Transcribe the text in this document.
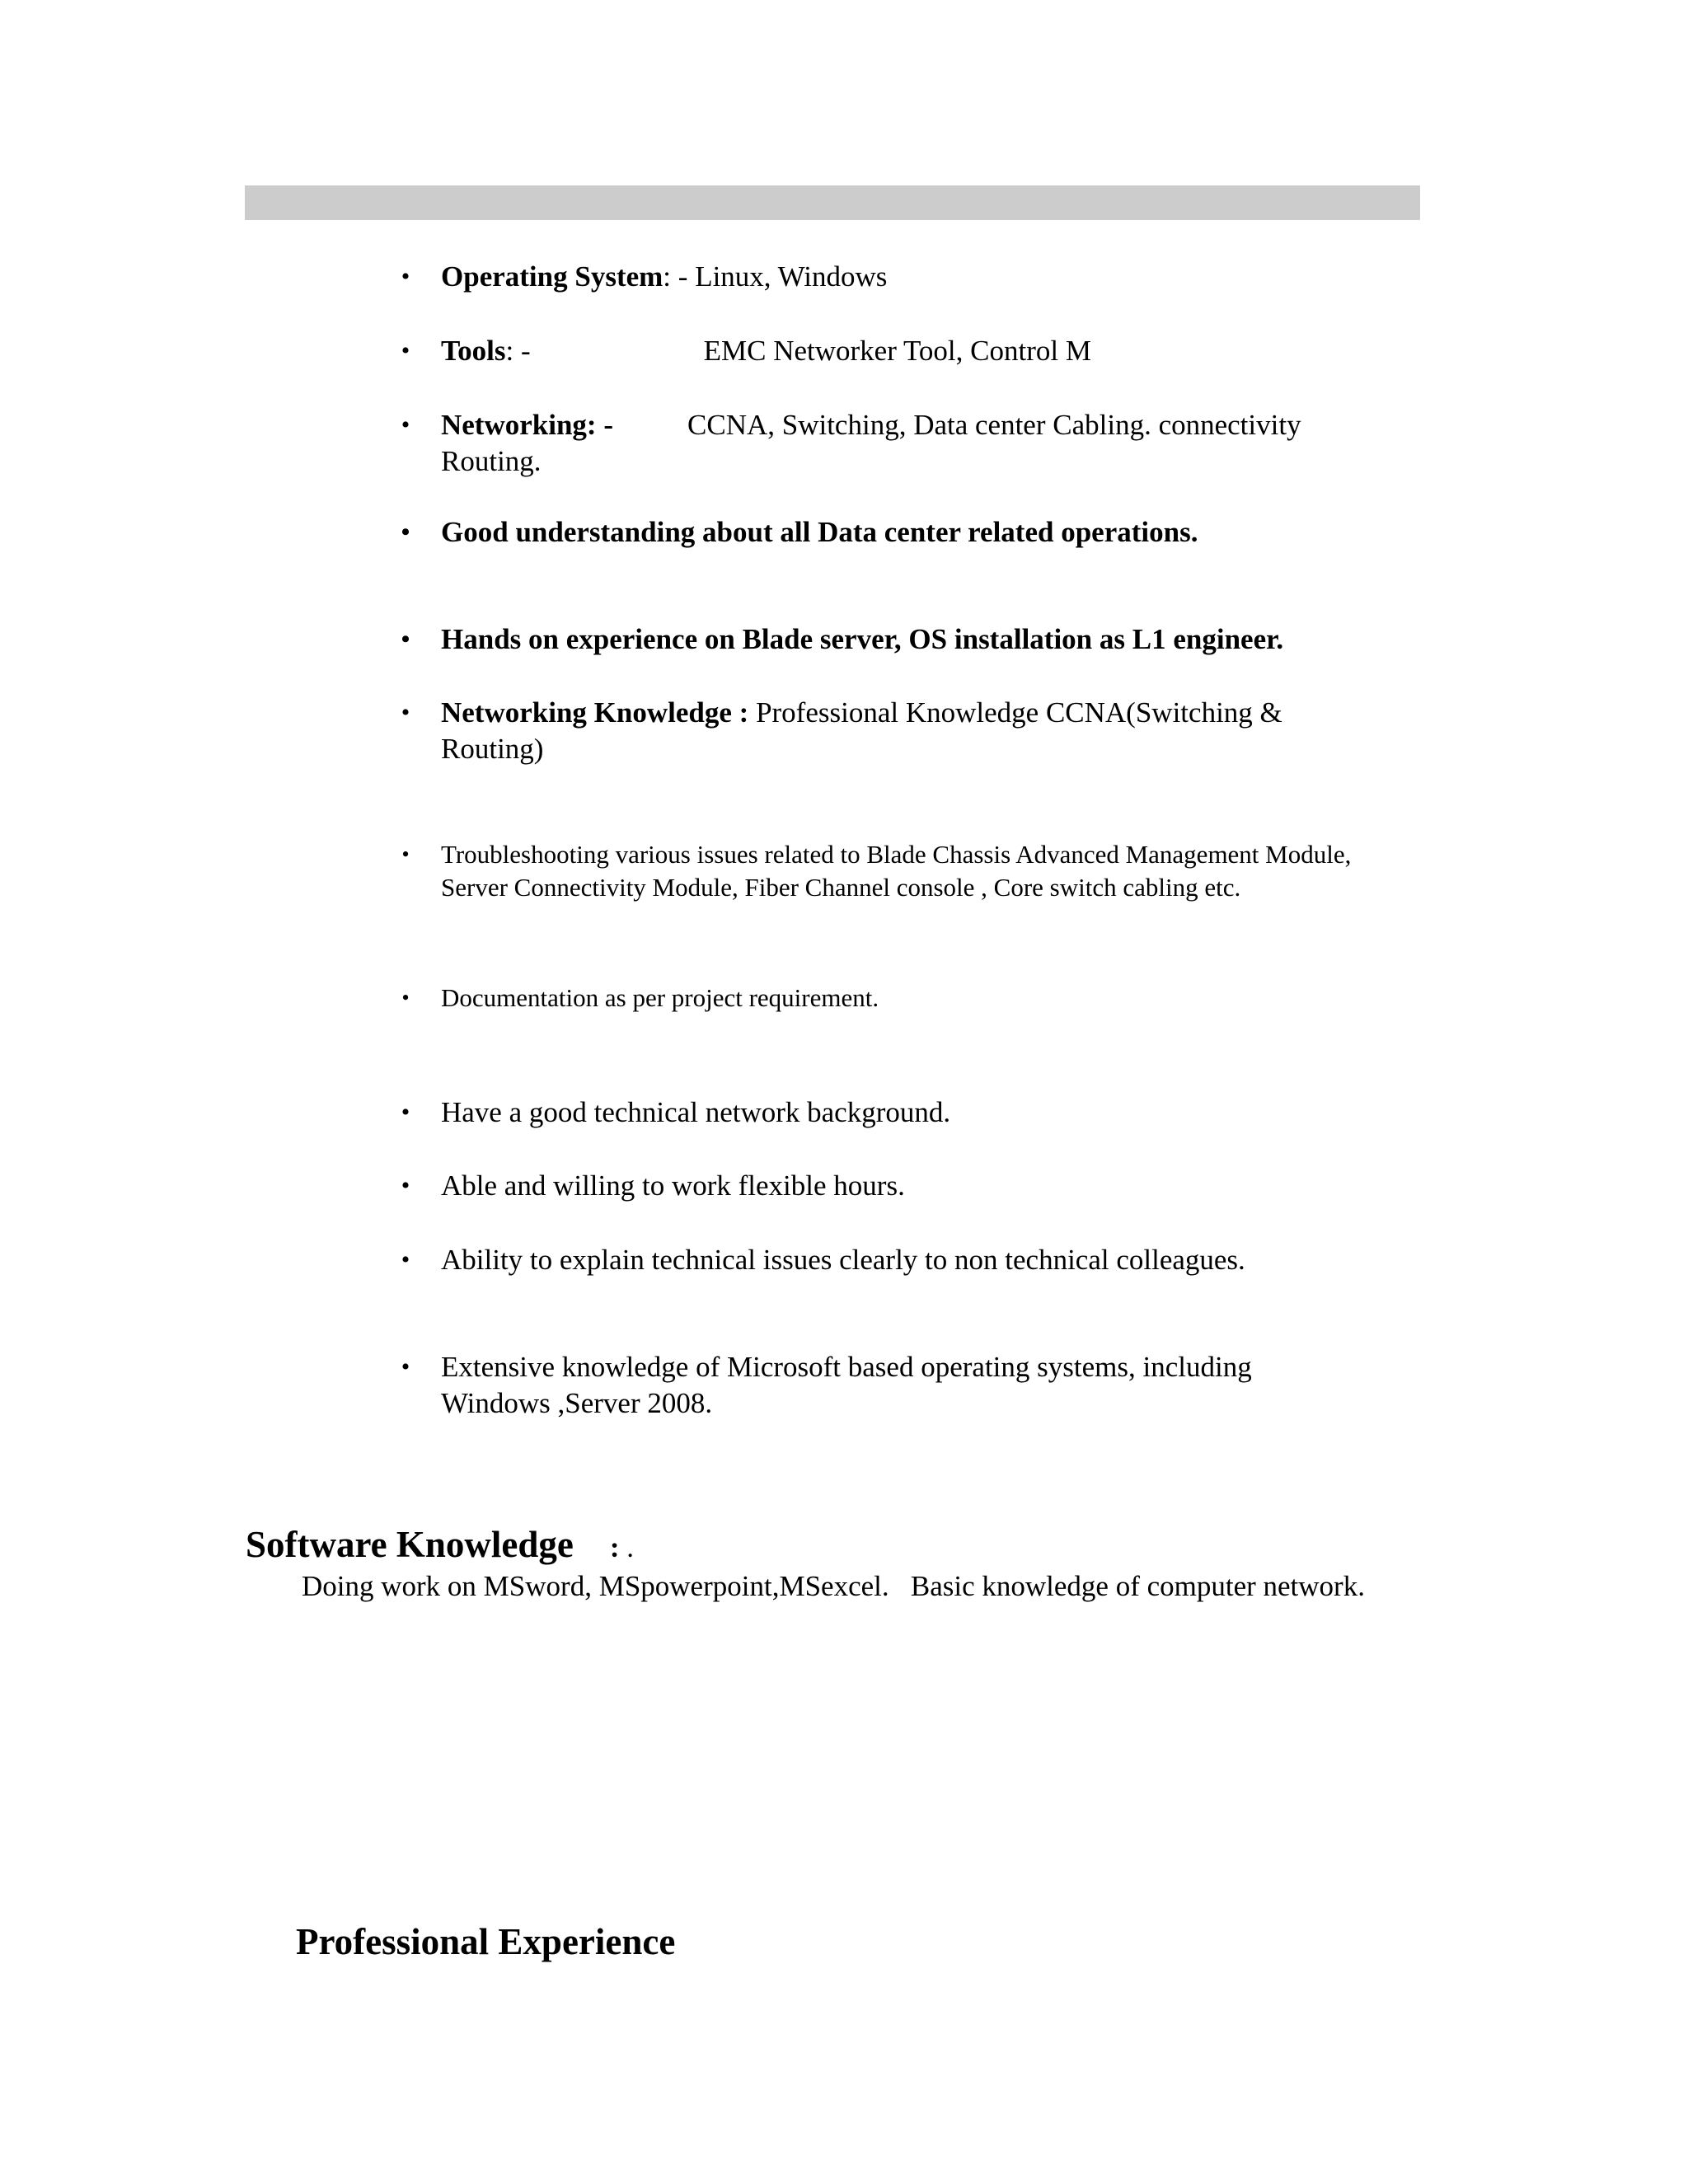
• Operating System: - Linux, Windows
• Tools: -	EMC Networker Tool, Control M
• Networking: -	CCNA, Switching, Data center Cabling. connectivity
Routing.
• Good understanding about all Data center related operations.
• Hands on experience on Blade server, OS installation as L1 engineer.
• Networking Knowledge : Professional Knowledge CCNA(Switching &
Routing)
•	Troubleshooting various issues related to Blade Chassis Advanced Management Module,
Server Connectivity Module, Fiber Channel console , Core switch cabling etc.
•	Documentation as per project requirement.
• Have a good technical network background.
• Able and willing to work flexible hours.
• Ability to explain technical issues clearly to non technical colleagues.
• Extensive knowledge of Microsoft based operating systems, including
Windows ,Server 2008.
Software Knowledge : .
Doing work on MSword, MSpowerpoint,MSexcel.   Basic knowledge of computer network.
Professional Experience
